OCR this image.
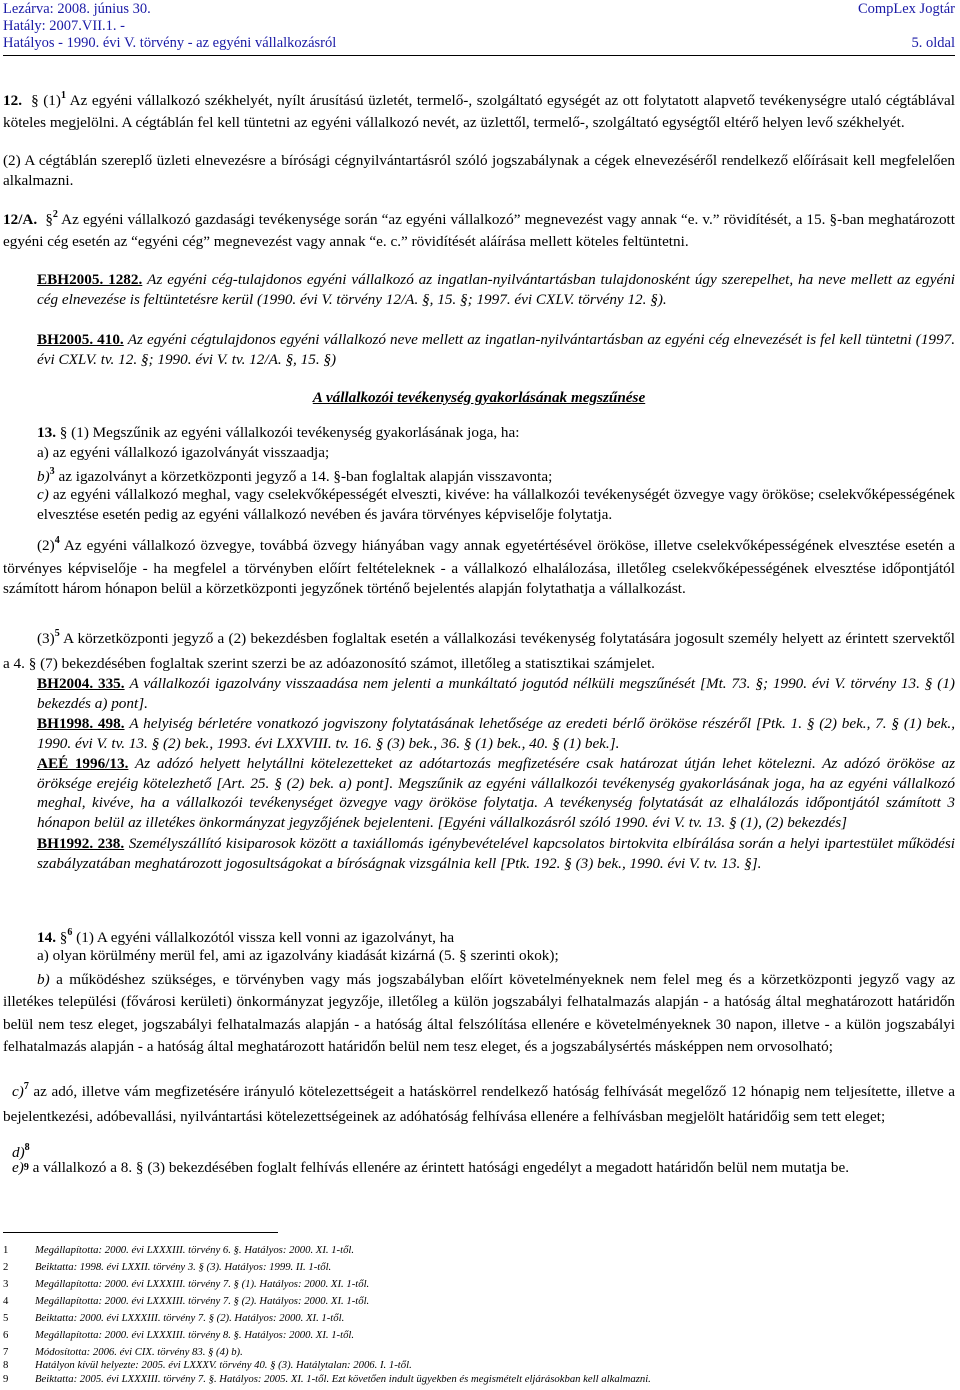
Lezárva: 2008. június 30.
Hatály: 2007.VII.1. -
Hatályos - 1990. évi V. törvény - az egyéni vállalkozásról
CompLex Jogtár
5. oldal
12. § $(1)^1$ Az egyéni vállalkozó székhelyét, nyílt árusítású üzletét, termelő-, szolgáltató egységét az ott folytatott alapvető tevékenységre utaló cégtáblával köteles megjelölni. A cégtáblán fel kell tüntetni az egyéni vállalkozó nevét, az üzlettől, termelő-, szolgáltató egységtől eltérő helyen levő székhelyét.
(2) A cégtáblán szereplő üzleti elnevezésre a bírósági cégnyilvántartásról szóló jogszabálynak a cégek elnevezéséről rendelkező előírásait kell megfelelően alkalmazni.
12/A. §$^2$ Az egyéni vállalkozó gazdasági tevékenysége során “az egyéni vállalkozó” megnevezést vagy annak “e. v.” rövidítését, a 15. §-ban meghatározott egyéni cég esetén az “egyéni cég” megnevezést vagy annak “e. c.” rövidítését aláírása mellett köteles feltüntetni.
EBH2005. 1282. Az egyéni cég-tulajdonos egyéni vállalkozó az ingatlan-nyilvántartásban tulajdonosként úgy szerepelhet, ha neve mellett az egyéni cég elnevezése is feltüntetésre kerül (1990. évi V. törvény 12/A. §, 15. §; 1997. évi CXLV. törvény 12. §).
BH2005. 410. Az egyéni cégtulajdonos egyéni vállalkozó neve mellett az ingatlan-nyilvántartásban az egyéni cég elnevezését is fel kell tüntetni (1997. évi CXLV. tv. 12. §; 1990. évi V. tv. 12/A. §, 15. §)
A vállalkozói tevékenység gyakorlásának megszűnése
13. § (1) Megszűnik az egyéni vállalkozói tevékenység gyakorlásának joga, ha:
a) az egyéni vállalkozó igazolványát visszaadja;
b)$^3$ az igazolványt a körzetközponti jegyző a 14. §-ban foglaltak alapján visszavonta;
c) az egyéni vállalkozó meghal, vagy cselekvőképességét elveszti, kivéve: ha vállalkozói tevékenységét özvegye vagy örököse; cselekvőképességének elvesztése esetén pedig az egyéni vállalkozó nevében és javára törvényes képviselője folytatja.
$(2)^4$ Az egyéni vállalkozó özvegye, továbbá özvegy hiányában vagy annak egyetértésével örököse, illetve cselekvőképességének elvesztése esetén a törvényes képviselője - ha megfelel a törvényben előírt feltételeknek - a vállalkozó elhalálozása, illetőleg cselekvőképességének elvesztése időpontjától számított három hónapon belül a körzetközponti jegyzőnek történő bejelentés alapján folytathatja a vállalkozást.
$(3)^5$ A körzetközponti jegyző a (2) bekezdésben foglaltak esetén a vállalkozási tevékenység folytatására jogosult személy helyett az érintett szervektől a 4. § (7) bekezdésében foglaltak szerint szerzi be az adóazonosító számot, illetőleg a statisztikai számjelet.
BH2004. 335. A vállalkozói igazolvány visszaadása nem jelenti a munkáltató jogutód nélküli megszűnését [Mt. 73. §; 1990. évi V. törvény 13. § (1) bekezdés a) pont].
BH1998. 498. A helyiség bérletére vonatkozó jogviszony folytatásának lehetősége az eredeti bérlő örököse részéről [Ptk. 1. § (2) bek., 7. § (1) bek., 1990. évi V. tv. 13. § (2) bek., 1993. évi LXXVIII. tv. 16. § (3) bek., 36. § (1) bek., 40. § (1) bek.].
AEÉ 1996/13. Az adózó helyett helytállni kötelezetteket az adótartozás megfizetésére csak határozat útján lehet kötelezni. Az adózó örököse az öröksége erejéig kötelezhető [Art. 25. § (2) bek. a) pont]. Megszűnik az egyéni vállalkozói tevékenység gyakorlásának joga, ha az egyéni vállalkozó meghal, kivéve, ha a vállalkozói tevékenységet özvegye vagy örököse folytatja. A tevékenység folytatását az elhalálozás időpontjától számított 3 hónapon belül az illetékes önkormányzat jegyzőjének bejelenteni. [Egyéni vállalkozásról szóló 1990. évi V. tv. 13. § (1), (2) bekezdés]
BH1992. 238. Személyszállító kisiparosok között a taxiállomás igénybevételével kapcsolatos birtokvita elbírálása során a helyi ipartestület működési szabályzatában meghatározott jogosultságokat a bíróságnak vizsgálnia kell [Ptk. 192. § (3) bek., 1990. évi V. tv. 13. §].
14. §$^6$ (1) A egyéni vállalkozótól vissza kell vonni az igazolványt, ha
a) olyan körülmény merül fel, ami az igazolvány kiadását kizárná (5. § szerinti okok);
b) a működéshez szükséges, e törvényben vagy más jogszabályban előírt követelményeknek nem felel meg és a körzetközponti jegyző vagy az illetékes települési (fővárosi kerületi) önkormányzat jegyzője, illetőleg a külön jogszabályi felhatalmazás alapján - a hatóság által meghatározott határidőn belül nem tesz eleget, jogszabályi felhatalmazás alapján - a hatóság által felszólítása ellenére e követelményeknek 30 napon, illetve - a külön jogszabályi felhatalmazás alapján - a hatóság által meghatározott határidőn belül nem tesz eleget, és a jogszabálysértés másképpen nem orvosolható;
c)$^7$ az adó, illetve vám megfizetésére irányuló kötelezettségeit a hatáskörrel rendelkező hatóság felhívását megelőző 12 hónapig nem teljesítette, illetve a bejelentkezési, adóbevallási, nyilvántartási kötelezettségeinek az adóhatóság felhívása ellenére a felhívásban megjelölt határidőig sem tett eleget;
d)$^8$
e)9 a vállalkozó a 8. § (3) bekezdésében foglalt felhívás ellenére az érintett hatósági engedélyt a megadott határidőn belül nem mutatja be.
1 Megállapította: 2000. évi LXXXIII. törvény 6. §. Hatályos: 2000. XI. 1-től.
2 Beiktatta: 1998. évi LXXII. törvény 3. § (3). Hatályos: 1999. II. 1-től.
3 Megállapította: 2000. évi LXXXIII. törvény 7. § (1). Hatályos: 2000. XI. 1-től.
4 Megállapította: 2000. évi LXXXIII. törvény 7. § (2). Hatályos: 2000. XI. 1-től.
5 Beiktatta: 2000. évi LXXXIII. törvény 7. § (2). Hatályos: 2000. XI. 1-től.
6 Megállapította: 2000. évi LXXXIII. törvény 8. §. Hatályos: 2000. XI. 1-től.
7 Módosította: 2006. évi CIX. törvény 83. § (4) b).
8 Hatályon kívül helyezte: 2005. évi LXXXV. törvény 40. § (3). Hatálytalan: 2006. I. 1-től.
9 Beiktatta: 2005. évi LXXXIII. törvény 7. §. Hatályos: 2005. XI. 1-től. Ezt követően indult ügyekben és megismételt eljárásokban kell alkalmazni.
